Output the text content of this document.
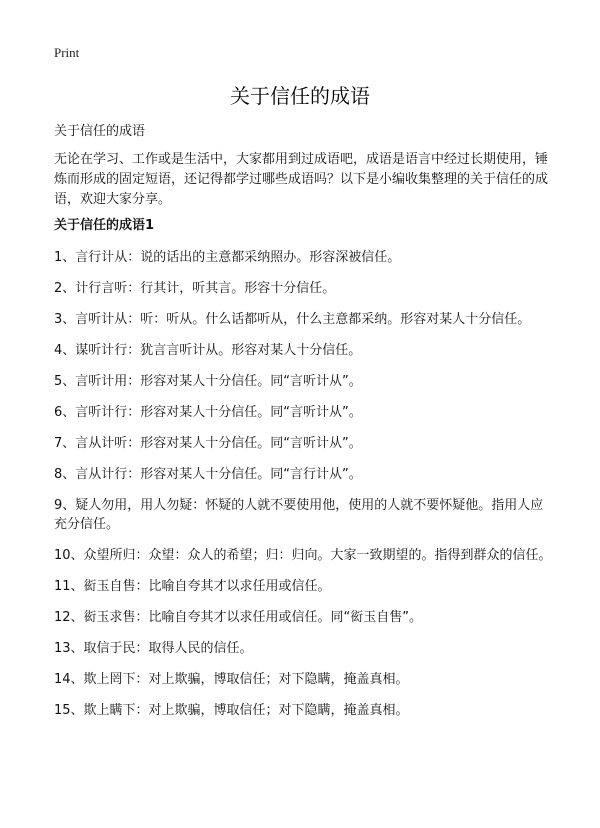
Print
关于信任的成语

关于信任的成语

无论在学习、工作或是生活中，大家都用到过成语吧，成语是语言中经过长期使用，锤炼而形成的固定短语，还记得都学过哪些成语吗？以下是小编收集整理的关于信任的成语，欢迎大家分享。

关于信任的成语1
1、言行计从：说的话出的主意都采纳照办。形容深被信任。
2、计行言听：行其计，听其言。形容十分信任。
3、言听计从：听：听从。什么话都听从，什么主意都采纳。形容对某人十分信任。
4、谋听计行：犹言言听计从。形容对某人十分信任。
5、言听计用：形容对某人十分信任。同“言听计从”。
6、言听计行：形容对某人十分信任。同“言听计从”。
7、言从计听：形容对某人十分信任。同“言听计从”。
8、言从计行：形容对某人十分信任。同“言行计从”。
9、疑人勿用，用人勿疑：怀疑的人就不要使用他，使用的人就不要怀疑他。指用人应充分信任。
10、众望所归：众望：众人的希望；归：归向。大家一致期望的。指得到群众的信任。
11、衒玉自售：比喻自夸其才以求任用或信任。
12、衒玉求售：比喻自夸其才以求任用或信任。同“衒玉自售”。
13、取信于民：取得人民的信任。
14、欺上罔下：对上欺骗，博取信任；对下隐瞒，掩盖真相。
15、欺上瞒下：对上欺骗，博取信任；对下隐瞒，掩盖真相。
